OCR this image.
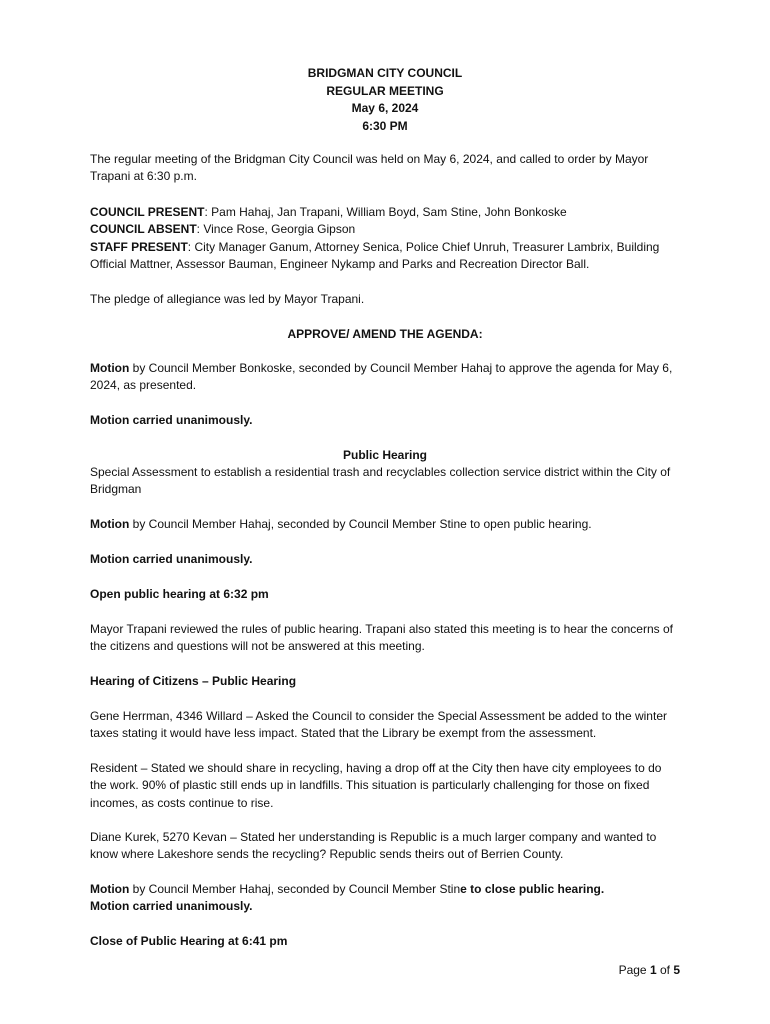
BRIDGMAN CITY COUNCIL
REGULAR MEETING
May 6, 2024
6:30 PM
The regular meeting of the Bridgman City Council was held on May 6, 2024, and called to order by Mayor Trapani at 6:30 p.m.
COUNCIL PRESENT: Pam Hahaj, Jan Trapani, William Boyd, Sam Stine, John Bonkoske
COUNCIL ABSENT: Vince Rose, Georgia Gipson
STAFF PRESENT: City Manager Ganum, Attorney Senica, Police Chief Unruh, Treasurer Lambrix, Building Official Mattner, Assessor Bauman, Engineer Nykamp and Parks and Recreation Director Ball.
The pledge of allegiance was led by Mayor Trapani.
APPROVE/ AMEND THE AGENDA:
Motion by Council Member Bonkoske, seconded by Council Member Hahaj to approve the agenda for May 6, 2024, as presented.
Motion carried unanimously.
Public Hearing
Special Assessment to establish a residential trash and recyclables collection service district within the City of Bridgman
Motion by Council Member Hahaj, seconded by Council Member Stine to open public hearing.
Motion carried unanimously.
Open public hearing at 6:32 pm
Mayor Trapani reviewed the rules of public hearing. Trapani also stated this meeting is to hear the concerns of the citizens and questions will not be answered at this meeting.
Hearing of Citizens – Public Hearing
Gene Herrman, 4346 Willard – Asked the Council to consider the Special Assessment be added to the winter taxes stating it would have less impact. Stated that the Library be exempt from the assessment.
Resident – Stated we should share in recycling, having a drop off at the City then have city employees to do the work. 90% of plastic still ends up in landfills. This situation is particularly challenging for those on fixed incomes, as costs continue to rise.
Diane Kurek, 5270 Kevan – Stated her understanding is Republic is a much larger company and wanted to know where Lakeshore sends the recycling? Republic sends theirs out of Berrien County.
Motion by Council Member Hahaj, seconded by Council Member Stine to close public hearing.
Motion carried unanimously.
Close of Public Hearing at 6:41 pm
Page 1 of 5
